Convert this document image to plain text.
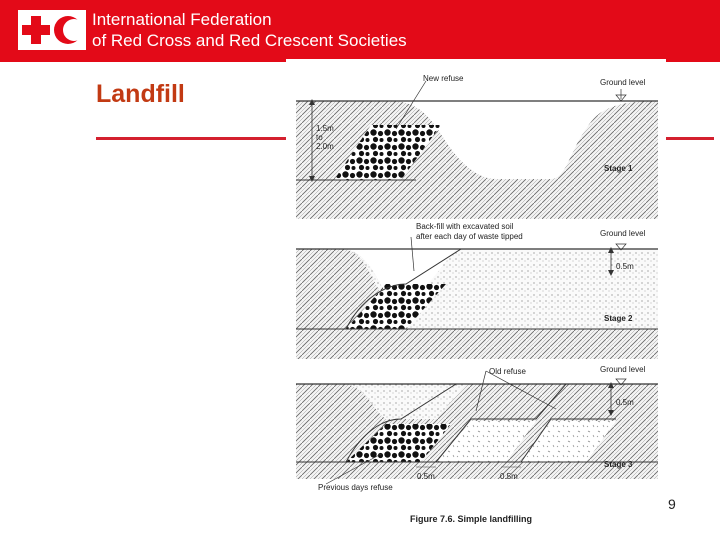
International Federation
of Red Cross and Red Crescent Societies
Landfill
New refuse	Ground level
1.5m
to
2.0m
Stage 1
Back-fill with excavated soil
after each day of waste tipped	Ground level
0.5m
Stage 2
Old refuse	Ground level
0.5m
0.5m	0.5m
Previous days refuse
Stage 3
Figure 7.6. Simple landfilling
9
